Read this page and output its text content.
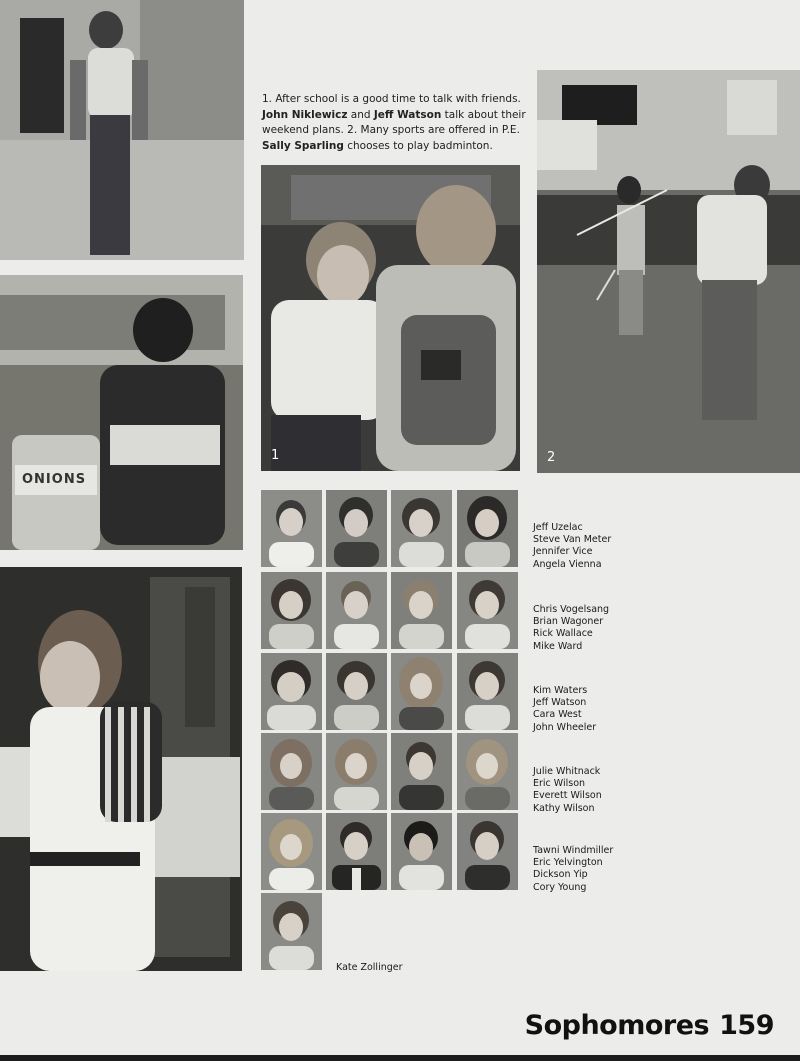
ONIONS
1. After school is a good time to talk with friends.
John Niklewicz and Jeff Watson talk about their weekend plans. 2. Many sports are offered in P.E. Sally Sparling chooses to play badminton.
1	2
Jeff Uzelac
Steve Van Meter
Jennifer Vice
Angela Vienna
Chris Vogelsang
Brian Wagoner
Rick Wallace
Mike Ward
Kim Waters
Jeff Watson
Cara West
John Wheeler
Julie Whitnack
Eric Wilson
Everett Wilson
Kathy Wilson
Tawni Windmiller
Eric Yelvington
Dickson Yip
Cory Young
Kate Zollinger
Sophomores 159
